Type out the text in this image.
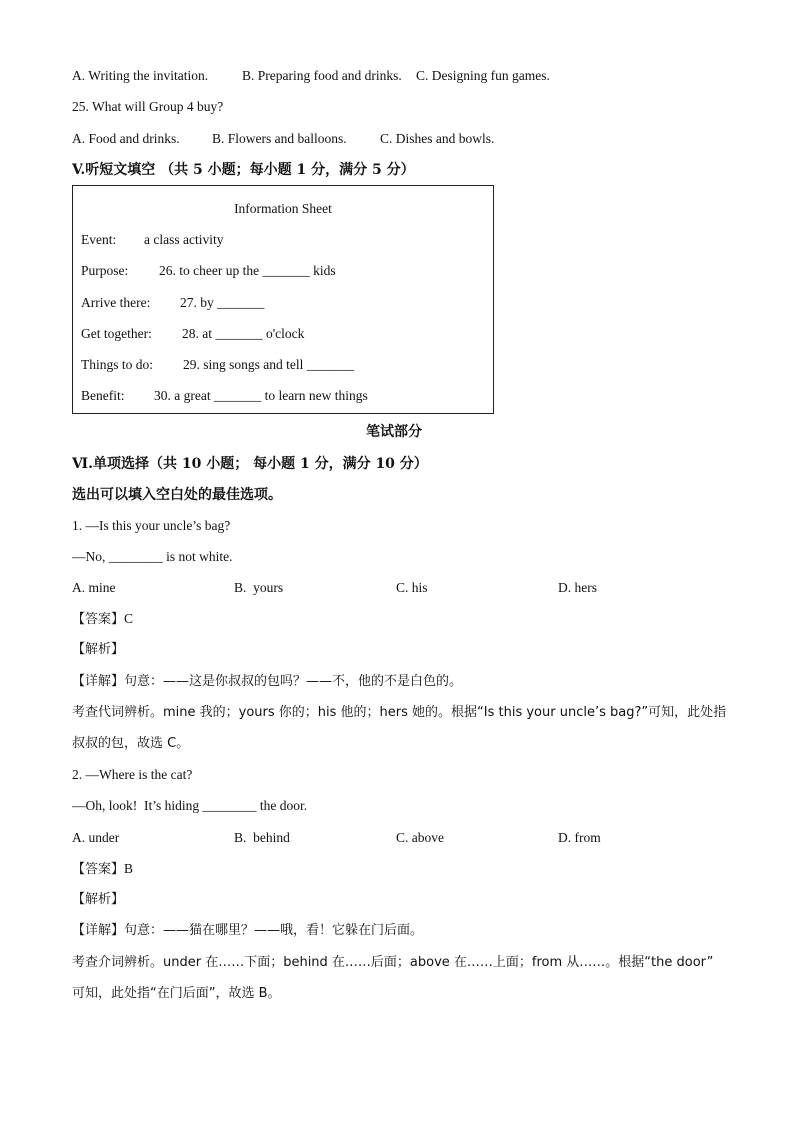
A. Writing the invitation.	B. Preparing food and drinks. C. Designing fun games.
25. What will Group 4 buy?
A. Food and drinks. B. Flowers and balloons. C. Dishes and bowls.
V.听短文填空 （共 5 小题；每小题 1 分，满分 5 分）
Information Sheet
Event: a class activity
Purpose: 26. to cheer up the _______ kids
Arrive there: 27. by _______
Get together: 28. at _______ o'clock
Things to do: 29. sing songs and tell _______
Benefit: 30. a great _______ to learn new things
笔试部分
Ⅵ.单项选择（共 10 小题； 每小题 1 分，满分 10 分）
选出可以填入空白处的最佳选项。
1. —Is this your uncle’s bag?
—No, ________ is not white.
A. mine	B.  yours	C. his	D. hers
【答案】C
【解析】
【详解】句意：——这是你叔叔的包吗？——不，他的不是白色的。
考查代词辨析。mine 我的；yours 你的；his 他的；hers 她的。根据“Is this your uncle’s bag?”可知，此处指
叔叔的包，故选 C。
2. —Where is the cat?
—Oh, look!  It’s hiding ________ the door.
A. under	B.  behind	C. above	D. from
【答案】B
【解析】
【详解】句意：——猫在哪里？——哦，看！它躲在门后面。
考查介词辨析。under 在……下面；behind 在……后面；above 在……上面；from 从……。根据“the door”
可知，此处指“在门后面”，故选 B。
